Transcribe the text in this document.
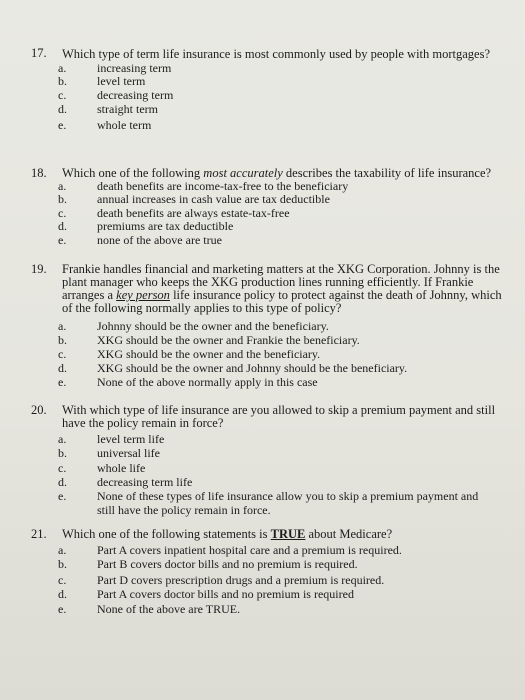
17. Which type of term life insurance is most commonly used by people with mortgages?
a.	increasing term
b.	level term
c.	decreasing term
d.	straight term
e.	whole term
18. Which one of the following most accurately describes the taxability of life insurance?
a.	death benefits are income-tax-free to the beneficiary
b.	annual increases in cash value are tax deductible
c.	death benefits are always estate-tax-free
d.	premiums are tax deductible
e.	none of the above are true
19. Frankie handles financial and marketing matters at the XKG Corporation. Johnny is the
plant manager who keeps the XKG production lines running efficiently. If Frankie
arranges a key person life insurance policy to protect against the death of Johnny, which
of the following normally applies to this type of policy?
a.	Johnny should be the owner and the beneficiary.
b.	XKG should be the owner and Frankie the beneficiary.
c.	XKG should be the owner and the beneficiary.
d.	XKG should be the owner and Johnny should be the beneficiary.
e.	None of the above normally apply in this case
20. With which type of life insurance are you allowed to skip a premium payment and still
have the policy remain in force?
a.	level term life
b.	universal life
c.	whole life
d.	decreasing term life
e.	None of these types of life insurance allow you to skip a premium payment and
still have the policy remain in force.
21. Which one of the following statements is TRUE about Medicare?
a.	Part A covers inpatient hospital care and a premium is required.
b.	Part B covers doctor bills and no premium is required.
c.	Part D covers prescription drugs and a premium is required.
d.	Part A covers doctor bills and no premium is required
e.	None of the above are TRUE.
